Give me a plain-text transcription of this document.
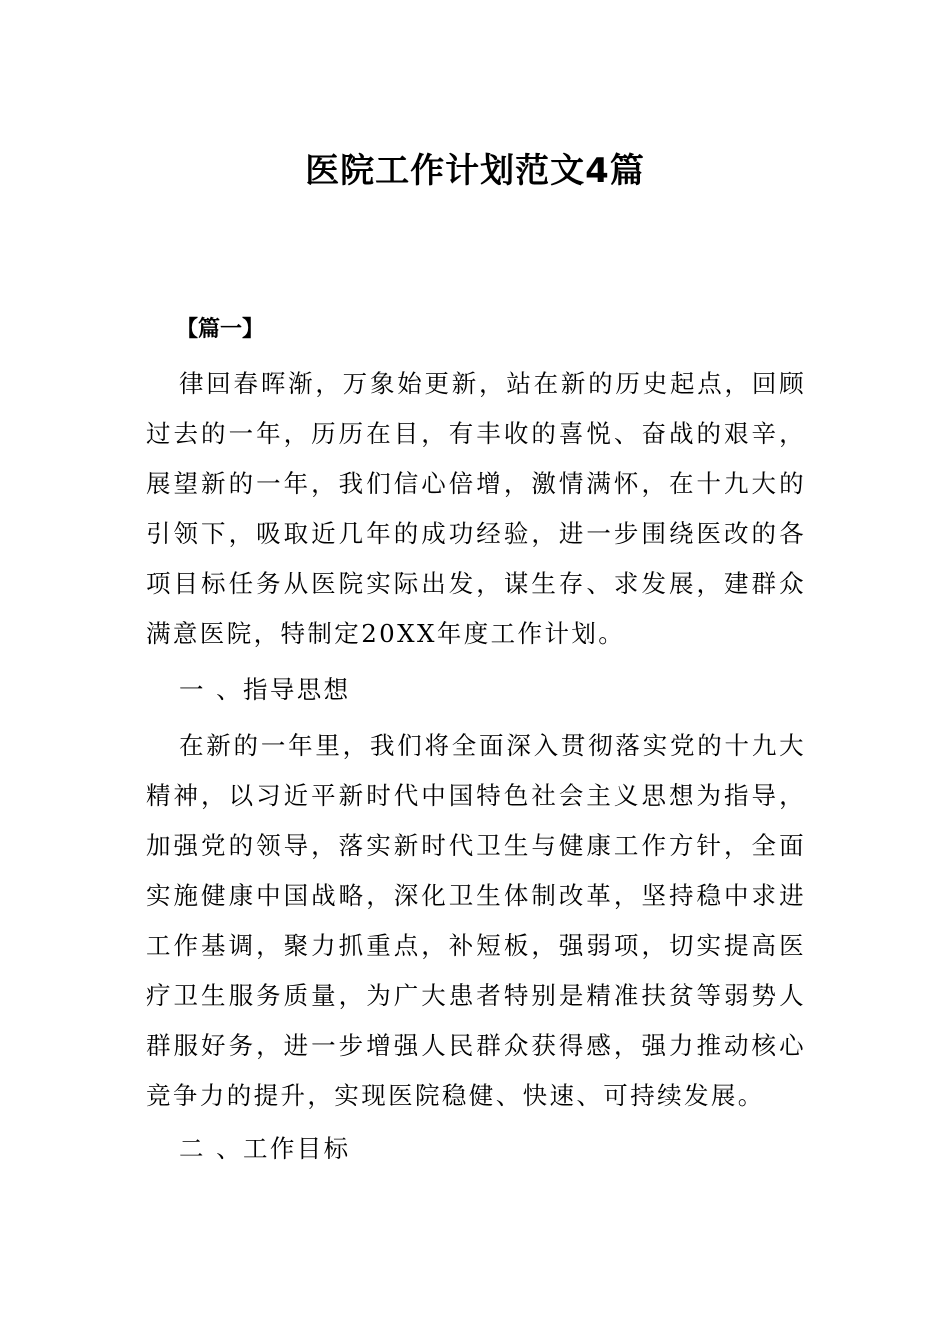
医院工作计划范文4篇

【篇一】

律回春晖渐，万象始更新，站在新的历史起点，回顾过去的一年，历历在目，有丰收的喜悦、奋战的艰辛，展望新的一年，我们信心倍增，激情满怀，在十九大的引领下，吸取近几年的成功经验，进一步围绕医改的各项目标任务从医院实际出发，谋生存、求发展，建群众满意医院，特制定20XX年度工作计划。

一 、指导思想

在新的一年里，我们将全面深入贯彻落实党的十九大精神，以习近平新时代中国特色社会主义思想为指导，加强党的领导，落实新时代卫生与健康工作方针，全面实施健康中国战略，深化卫生体制改革，坚持稳中求进工作基调，聚力抓重点，补短板，强弱项，切实提高医疗卫生服务质量，为广大患者特别是精准扶贫等弱势人群服好务，进一步增强人民群众获得感，强力推动核心竞争力的提升，实现医院稳健、快速、可持续发展。

二 、工作目标
